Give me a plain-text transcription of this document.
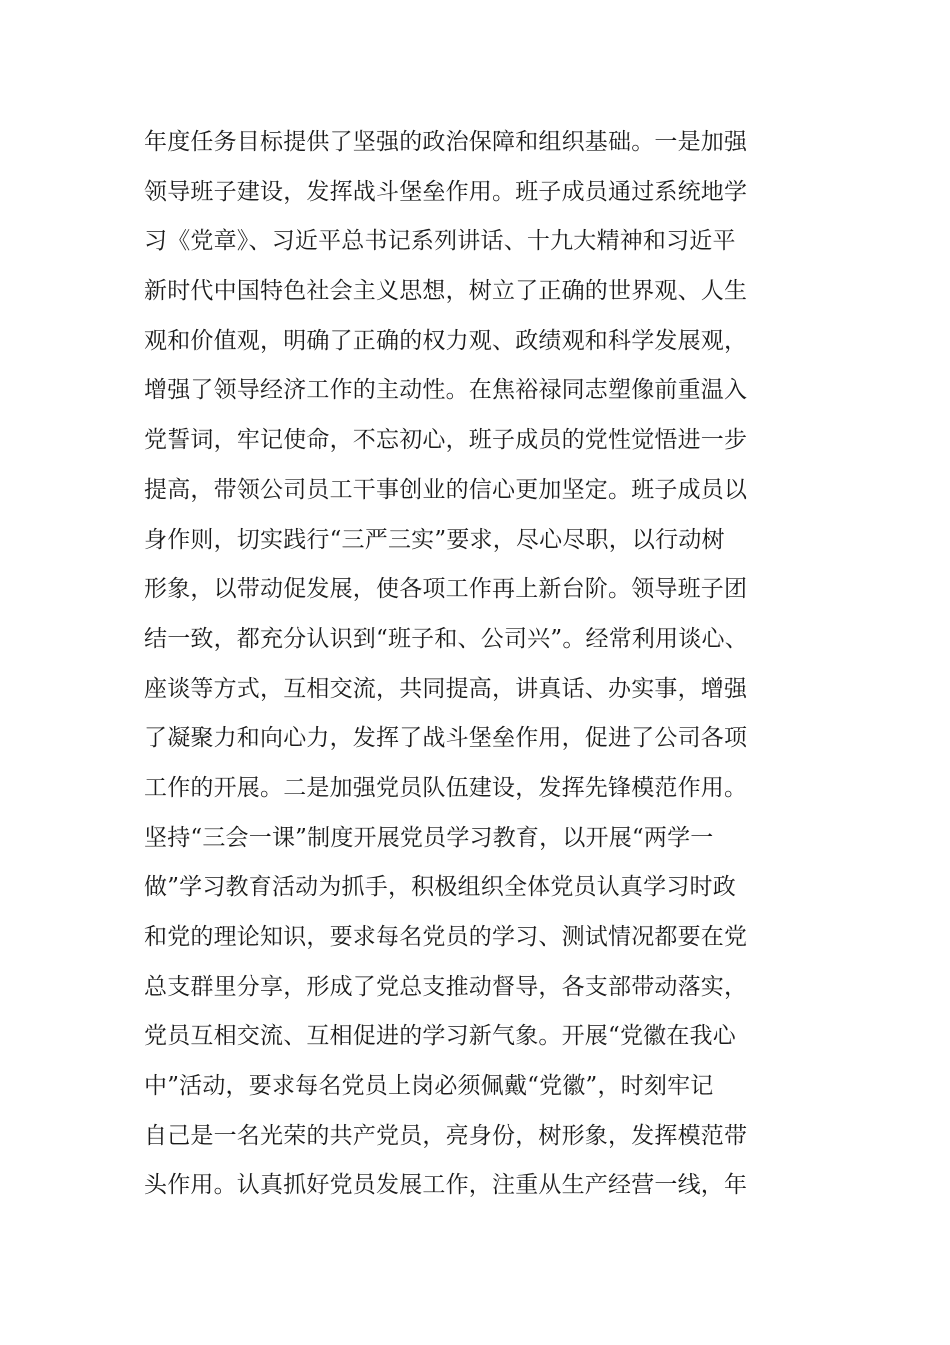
年度任务目标提供了坚强的政治保障和组织基础。一是加强
领导班子建设，发挥战斗堡垒作用。班子成员通过系统地学
习《党章》、习近平总书记系列讲话、十九大精神和习近平
新时代中国特色社会主义思想，树立了正确的世界观、人生
观和价值观，明确了正确的权力观、政绩观和科学发展观，
增强了领导经济工作的主动性。在焦裕禄同志塑像前重温入
党誓词，牢记使命，不忘初心，班子成员的党性觉悟进一步
提高，带领公司员工干事创业的信心更加坚定。班子成员以
身作则，切实践行“三严三实”要求，尽心尽职，以行动树
形象，以带动促发展，使各项工作再上新台阶。领导班子团
结一致，都充分认识到“班子和、公司兴”。经常利用谈心、
座谈等方式，互相交流，共同提高，讲真话、办实事，增强
了凝聚力和向心力，发挥了战斗堡垒作用，促进了公司各项
工作的开展。二是加强党员队伍建设，发挥先锋模范作用。
坚持“三会一课”制度开展党员学习教育，以开展“两学一
做”学习教育活动为抓手，积极组织全体党员认真学习时政
和党的理论知识，要求每名党员的学习、测试情况都要在党
总支群里分享，形成了党总支推动督导，各支部带动落实，
党员互相交流、互相促进的学习新气象。开展“党徽在我心
中”活动，要求每名党员上岗必须佩戴“党徽”，时刻牢记
自己是一名光荣的共产党员，亮身份，树形象，发挥模范带
头作用。认真抓好党员发展工作，注重从生产经营一线，年
